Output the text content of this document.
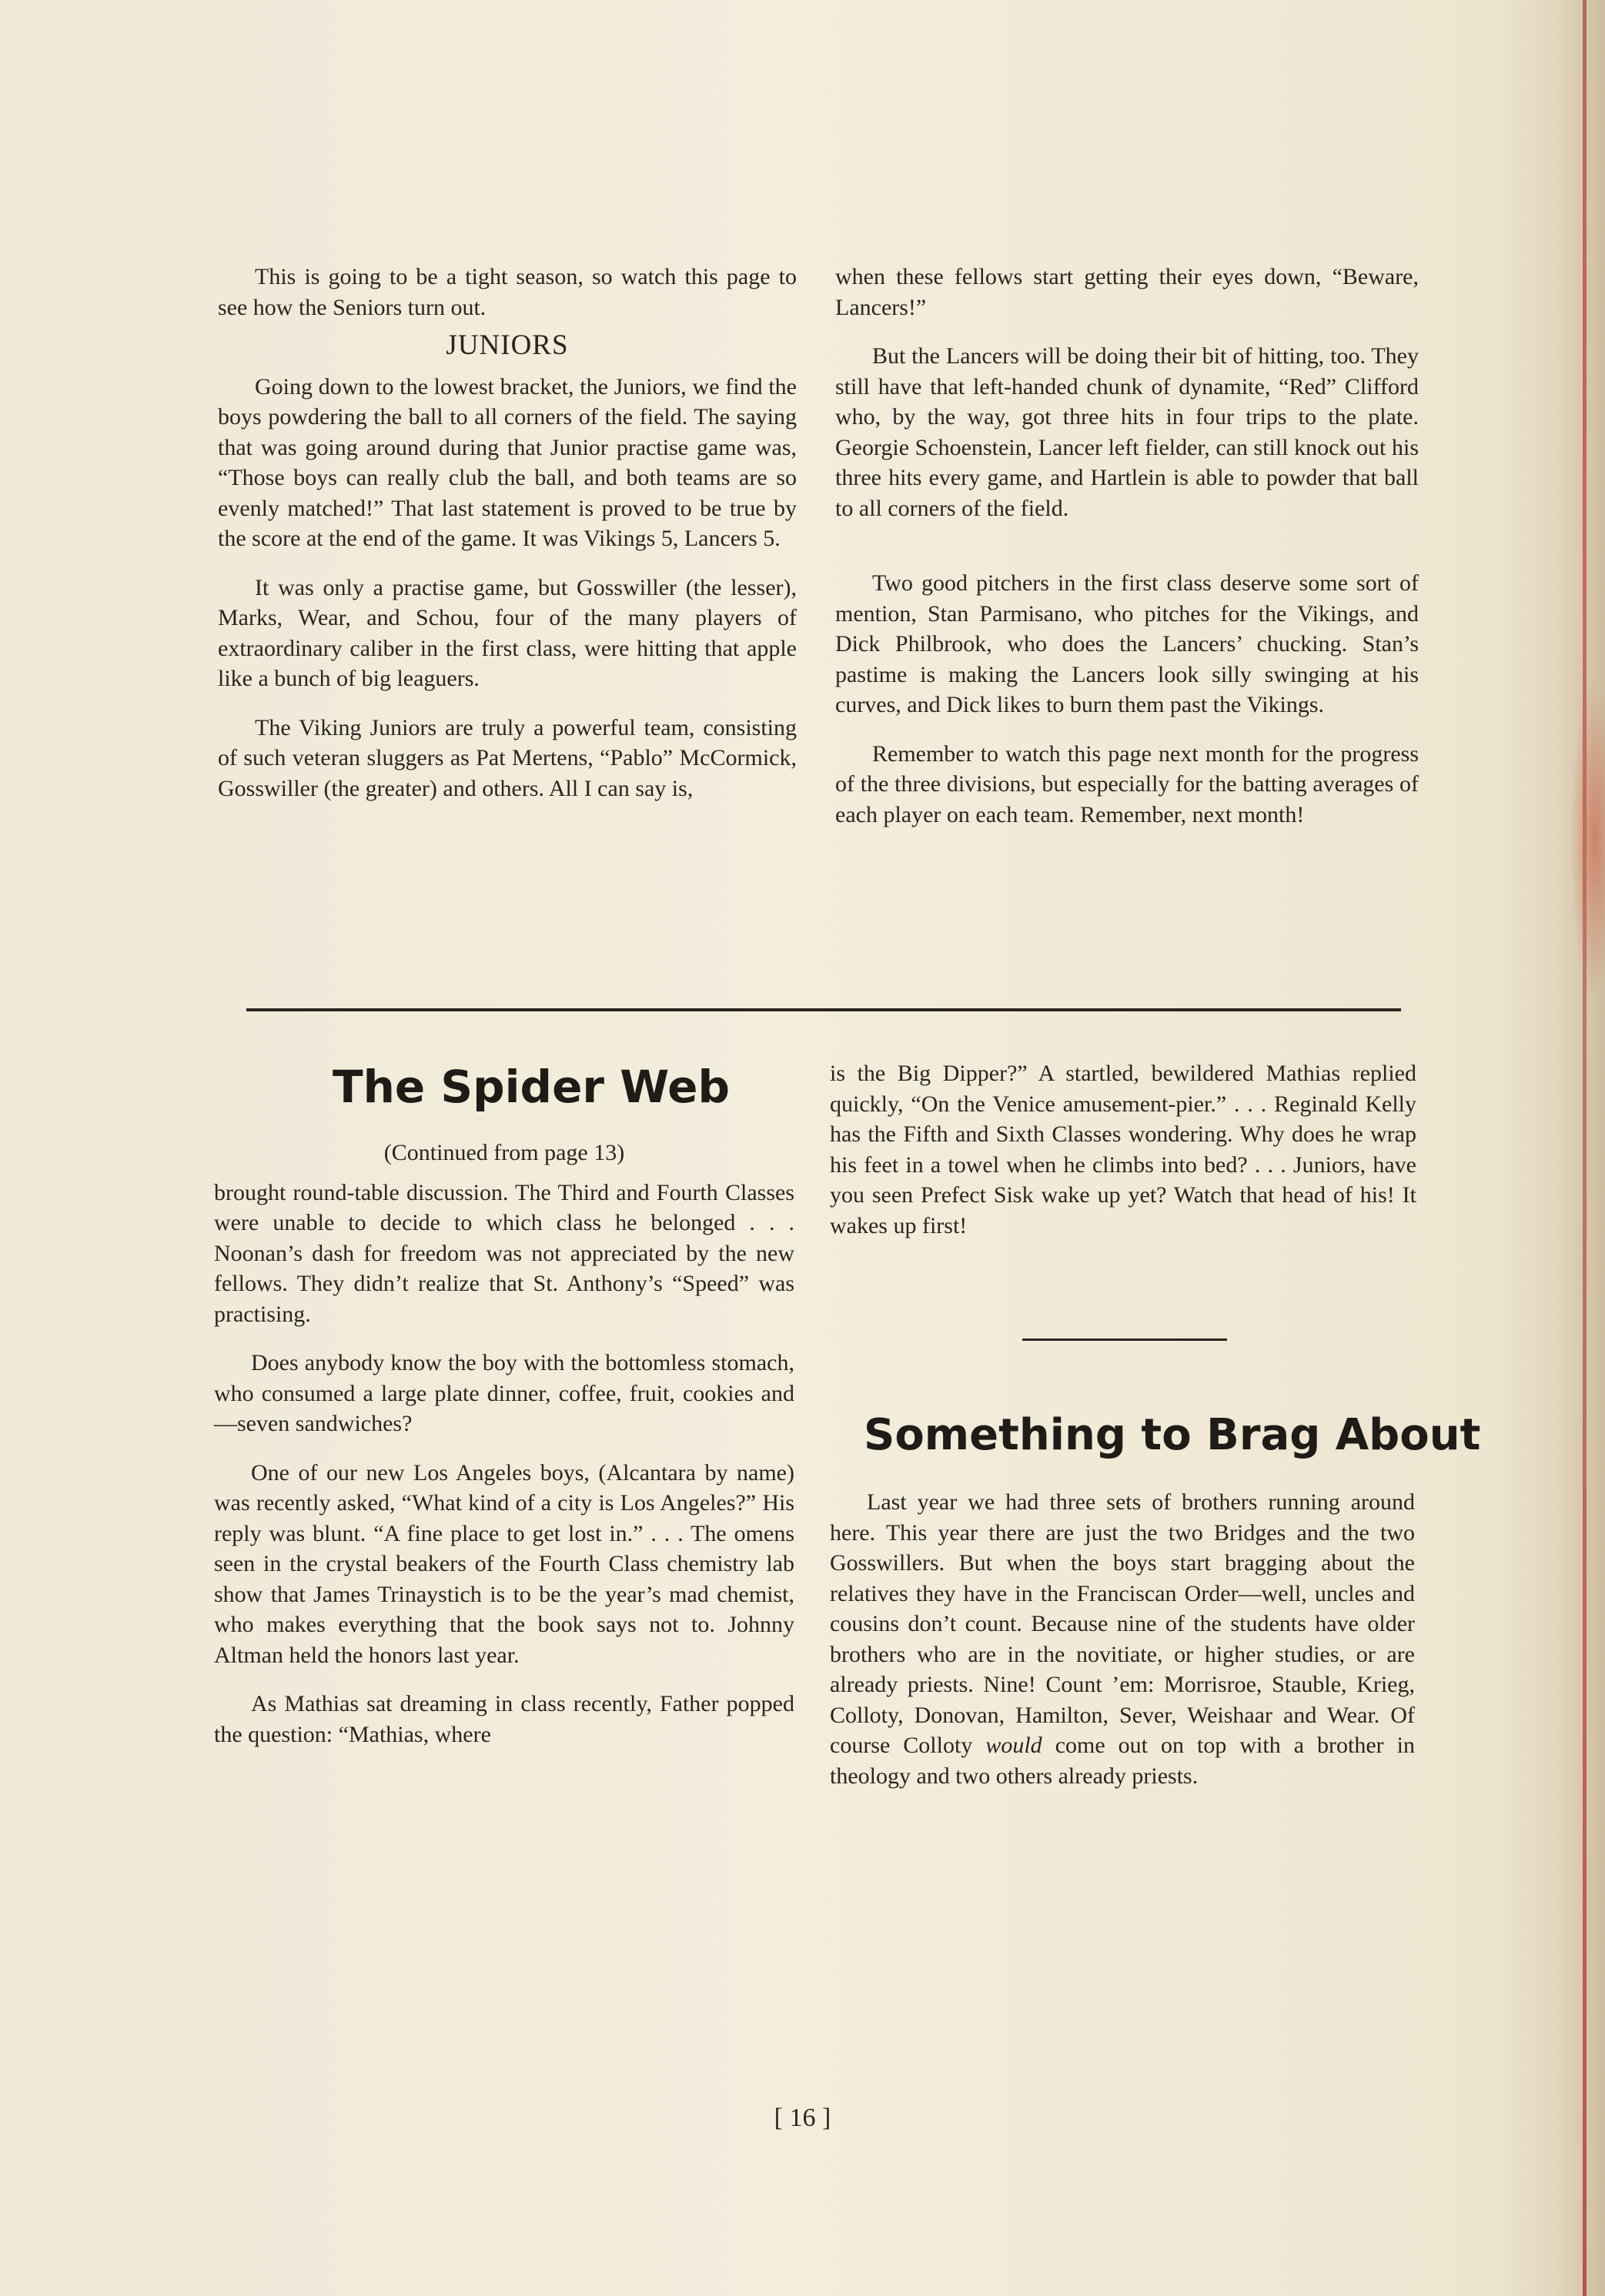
This is going to be a tight season, so watch this page to see how the Seniors turn out.

JUNIORS

Going down to the lowest bracket, the Juniors, we find the boys powdering the ball to all corners of the field. The saying that was going around during that Junior practise game was, “Those boys can really club the ball, and both teams are so evenly matched!” That last statement is proved to be true by the score at the end of the game. It was Vikings 5, Lancers 5.

It was only a practise game, but Gosswiller (the lesser), Marks, Wear, and Schou, four of the many players of extraordinary caliber in the first class, were hitting that apple like a bunch of big leaguers.

The Viking Juniors are truly a powerful team, consisting of such veteran sluggers as Pat Mertens, “Pablo” McCormick, Gosswiller (the greater) and others. All I can say is,

when these fellows start getting their eyes down, “Beware, Lancers!”

But the Lancers will be doing their bit of hitting, too. They still have that left-handed chunk of dynamite, “Red” Clifford who, by the way, got three hits in four trips to the plate. Georgie Schoenstein, Lancer left fielder, can still knock out his three hits every game, and Hartlein is able to powder that ball to all corners of the field.

Two good pitchers in the first class deserve some sort of mention, Stan Parmisano, who pitches for the Vikings, and Dick Philbrook, who does the Lancers’ chucking. Stan’s pastime is making the Lancers look silly swinging at his curves, and Dick likes to burn them past the Vikings.

Remember to watch this page next month for the progress of the three divisions, but especially for the batting averages of each player on each team. Remember, next month!

The Spider Web

(Continued from page 13)

brought round-table discussion. The Third and Fourth Classes were unable to decide to which class he belonged . . . Noonan’s dash for freedom was not appreciated by the new fellows. They didn’t realize that St. Anthony’s “Speed” was practising.

Does anybody know the boy with the bottomless stomach, who consumed a large plate dinner, coffee, fruit, cookies and—seven sandwiches?

One of our new Los Angeles boys, (Alcantara by name) was recently asked, “What kind of a city is Los Angeles?” His reply was blunt. “A fine place to get lost in.” . . . The omens seen in the crystal beakers of the Fourth Class chemistry lab show that James Trinaystich is to be the year’s mad chemist, who makes everything that the book says not to. Johnny Altman held the honors last year.

As Mathias sat dreaming in class recently, Father popped the question: “Mathias, where

is the Big Dipper?” A startled, bewildered Mathias replied quickly, “On the Venice amusement-pier.” . . . Reginald Kelly has the Fifth and Sixth Classes wondering. Why does he wrap his feet in a towel when he climbs into bed? . . . Juniors, have you seen Prefect Sisk wake up yet? Watch that head of his! It wakes up first!

Something to Brag About

Last year we had three sets of brothers running around here. This year there are just the two Bridges and the two Gosswillers. But when the boys start bragging about the relatives they have in the Franciscan Order—well, uncles and cousins don’t count. Because nine of the students have older brothers who are in the novitiate, or higher studies, or are already priests. Nine! Count ’em: Morrisroe, Stauble, Krieg, Colloty, Donovan, Hamilton, Sever, Weishaar and Wear. Of course Colloty would come out on top with a brother in theology and two others already priests.

[ 16 ]
